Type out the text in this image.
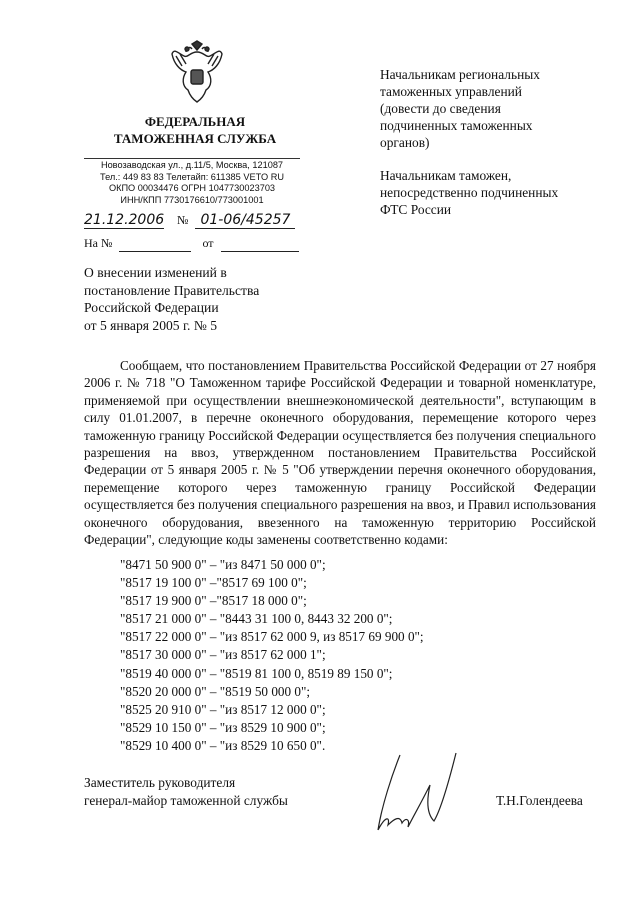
ФЕДЕРАЛЬНАЯ
ТАМОЖЕННАЯ СЛУЖБА
Новозаводская ул., д.11/5, Москва, 121087
Тел.: 449 83 83 Телетайп: 611385 VETO RU
ОКПО 00034476 ОГРН 1047730023703
ИНН/КПП 7730176610/773001001
21.12.2006 № 01-06/45257
На №	от
Начальникам региональных
таможенных управлений
(довести до сведения
подчиненных таможенных
органов)
Начальникам таможен,
непосредственно подчиненных
ФТС России
О внесении изменений в
постановление Правительства
Российской Федерации
от 5 января 2005 г. № 5
Сообщаем, что постановлением Правительства Российской Федерации от 27 ноября 2006 г. № 718 "О Таможенном тарифе Российской Федерации и товарной номенклатуре, применяемой при осуществлении внешнеэкономической деятельности", вступающим в силу 01.01.2007, в перечне оконечного оборудования, перемещение которого через таможенную границу Российской Федерации осуществляется без получения специального разрешения на ввоз, утвержденном постановлением Правительства Российской Федерации от 5 января 2005 г. № 5 "Об утверждении перечня оконечного оборудования, перемещение которого через таможенную границу Российской Федерации осуществляется без получения специального разрешения на ввоз, и Правил использования оконечного оборудования, ввезенного на таможенную территорию Российской Федерации", следующие коды заменены соответственно кодами:
"8471 50 900 0" – "из 8471 50 000 0";
"8517 19 100 0" –"8517 69 100 0";
"8517 19 900 0" –"8517 18 000 0";
"8517 21 000 0" – "8443 31 100 0, 8443 32 200 0";
"8517 22 000 0" – "из 8517 62 000 9, из 8517 69 900 0";
"8517 30 000 0" – "из 8517 62 000 1";
"8519 40 000 0" – "8519 81 100 0, 8519 89 150 0";
"8520 20 000 0" – "8519 50 000 0";
"8525 20 910 0" – "из 8517 12 000 0";
"8529 10 150 0" – "из 8529 10 900 0";
"8529 10 400 0" – "из 8529 10 650 0".
Заместитель руководителя
генерал-майор таможенной службы	Т.Н.Голендеева
